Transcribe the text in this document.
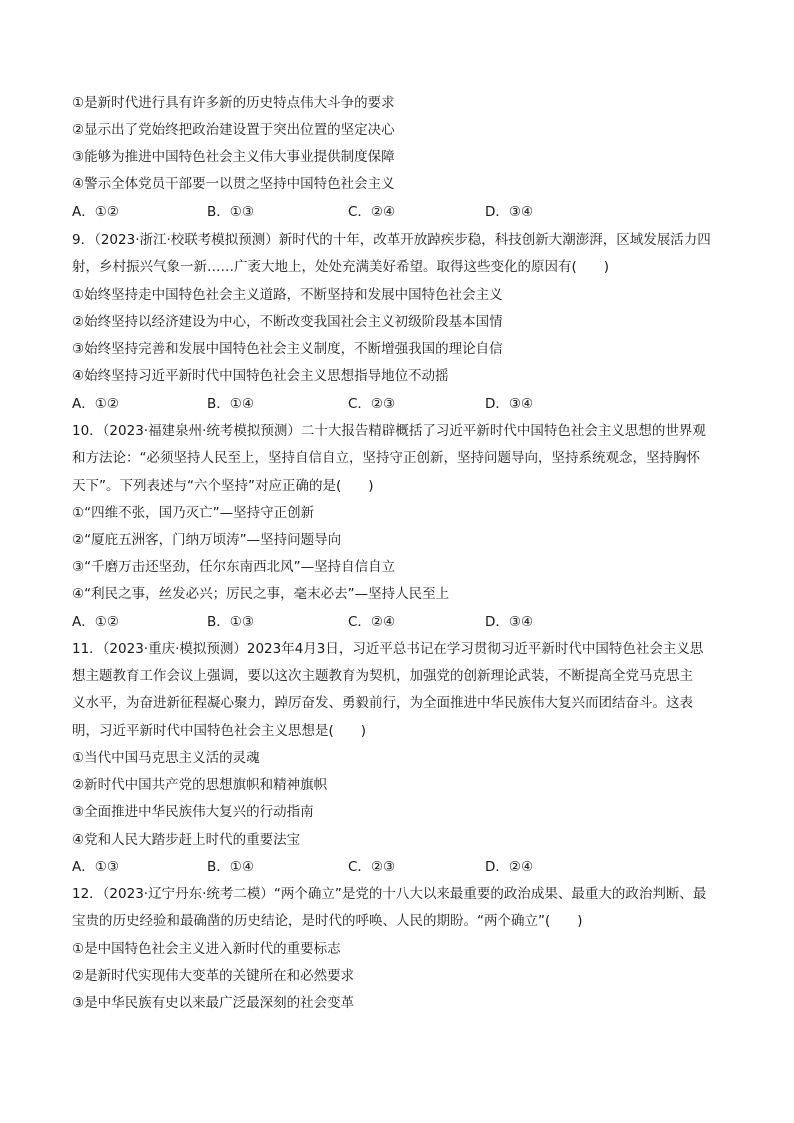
①是新时代进行具有许多新的历史特点伟大斗争的要求
②显示出了党始终把政治建设置于突出位置的坚定决心
③能够为推进中国特色社会主义伟大事业提供制度保障
④警示全体党员干部要一以贯之坚持中国特色社会主义
A．①②	B．①③	C．②④	D．③④
9．（2023·浙江·校联考模拟预测）新时代的十年，改革开放踔疾步稳，科技创新大潮澎湃，区域发展活力四
射，乡村振兴气象一新……广袤大地上，处处充满美好希望。取得这些变化的原因有(　　)
①始终坚持走中国特色社会主义道路，不断坚持和发展中国特色社会主义
②始终坚持以经济建设为中心，不断改变我国社会主义初级阶段基本国情
③始终坚持完善和发展中国特色社会主义制度，不断增强我国的理论自信
④始终坚持习近平新时代中国特色社会主义思想指导地位不动摇
A．①②	B．①④	C．②③	D．③④
10．（2023·福建泉州·统考模拟预测）二十大报告精辟概括了习近平新时代中国特色社会主义思想的世界观
和方法论：“必须坚持人民至上，坚持自信自立，坚持守正创新，坚持问题导向，坚持系统观念，坚持胸怀
天下”。下列表述与“六个坚持”对应正确的是(　　)
①“四维不张，国乃灭亡”—坚持守正创新
②“厦庇五洲客，门纳万顷涛”—坚持问题导向
③“千磨万击还坚劲，任尔东南西北风”—坚持自信自立
④“利民之事，丝发必兴；厉民之事，毫末必去”—坚持人民至上
A．①②	B．①③	C．②④	D．③④
11．（2023·重庆·模拟预测）2023年4月3日，习近平总书记在学习贯彻习近平新时代中国特色社会主义思
想主题教育工作会议上强调，要以这次主题教育为契机，加强党的创新理论武装，不断提高全党马克思主
义水平，为奋进新征程凝心聚力，踔厉奋发、勇毅前行，为全面推进中华民族伟大复兴而团结奋斗。这表
明，习近平新时代中国特色社会主义思想是(　　)
①当代中国马克思主义活的灵魂
②新时代中国共产党的思想旗帜和精神旗帜
③全面推进中华民族伟大复兴的行动指南
④党和人民大踏步赶上时代的重要法宝
A．①③	B．①④	C．②③	D．②④
12．（2023·辽宁丹东·统考二模）“两个确立”是党的十八大以来最重要的政治成果、最重大的政治判断、最
宝贵的历史经验和最确凿的历史结论，是时代的呼唤、人民的期盼。“两个确立”(　　)
①是中国特色社会主义进入新时代的重要标志
②是新时代实现伟大变革的关键所在和必然要求
③是中华民族有史以来最广泛最深刻的社会变革
